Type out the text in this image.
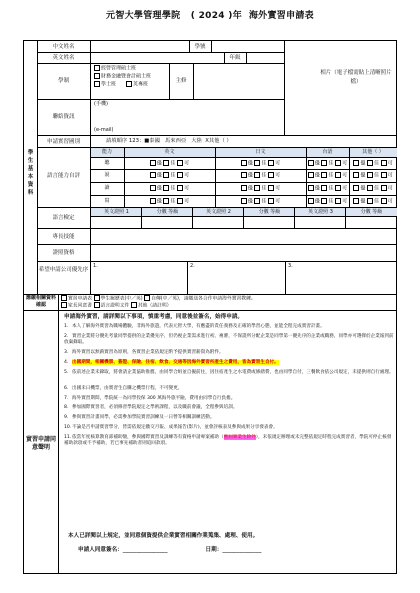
元智大學管理學院 ( 2024 )年 海外實習申請表
學生基本資料
中文姓名	學號
英文姓名	年級
學制
經營管理碩士班
財務金融暨會計碩士班
學士班	英專班
主修
相片（電子檔需貼上清晰照片檔）
聯絡資訊
(手機)
(e-mail)
申請實習國別	請填順序 123：■泰國 馬來西亞 大陸 X其他（ ）
語言能力自評
能力	英文	日文	台語	其他（ ）
聽	優 佳 可	優 佳 可	優 佳 可	優 佳 可
說	優 佳 可	優 佳 可	優 佳 可	優 佳 可
讀	優 佳 可	優 佳 可	優 佳 可	優 佳 可
寫	優 佳 可	優 佳 可	優 佳 可	優 佳 可
語言檢定
英文證照 1	分數 等級	英文證照 2	分數 等級	英文證照 3	分數 等級
專長技能
證照資格
希望申請公司優先序
1.	2.	3.
應繳相關資料確認
實習申請表 學生履歷表(中／英) 自傳(中／英)，請繳送各合作申請海外實習教練。
家長同意書 語言證明文件 其他（請註明）
實習申請同意聲明
申請海外實習，請詳閱以下事項，慎重考慮，同意後並簽名，始得申請。
1. 本人了解海外實習為職場體驗，非海外旅遊，代表元智大學，有應盡的責任義務及正確的學習心態，並能全程完成實習計畫。
2. 實習企業將分優先考量同學提供的企業優先序，但仍視企業需求進行初、複審，不保證所分配企業是同學第一優先序的企業或職務，同學亦可選擇於企業報到前放棄錄取。
3. 海外實習以無薪實習為原則，各實習企業依規定酌予提供實習薪資為附件。
4. 出國期間，相關機票、簽證、保險、住宿、飲食、交通等因海外實習所產生之費用，皆為實習生自付。
5. 依前述企業未錄取，將會請企業協助推薦，由同學合組並自擬前往，因住宿產生之水電費或修繕費，也由同學自付，三餐飲食依公司規定，未提供則自行處理。
6. 出國未日機票，由實習生自購之機票行程，不可變更。
7. 海外實習期間，學院統一為同學投保 300 萬海外旅平險，費用由同學自行負擔。
8. 參加國際實習者，必須修習學院規定之學術課程，以及職前會議，全程參與培訓。
9. 參與實習計畫同學，必需參加學院實習訓練及一日營等相關訓練活動。
10.不論是否申請實習學分，皆需依規定繳交月報、成果報告(影片)，並會評核表及參與成果分享發表會。
11.依當年度核算教育部補助額，參與國際實習及訓練等有資格申請專案補助（應屆畢業生除外），未依規定辦理或未完整依規定時程完成實習者，學院可停止核發補助款項或不予補助，若已事先補助者則追回款項。
本人已詳閱以上規定，並同意個資提供企業實習相關作業蒐集、處理、使用。
申請人同意簽名：________________	日期：______________
